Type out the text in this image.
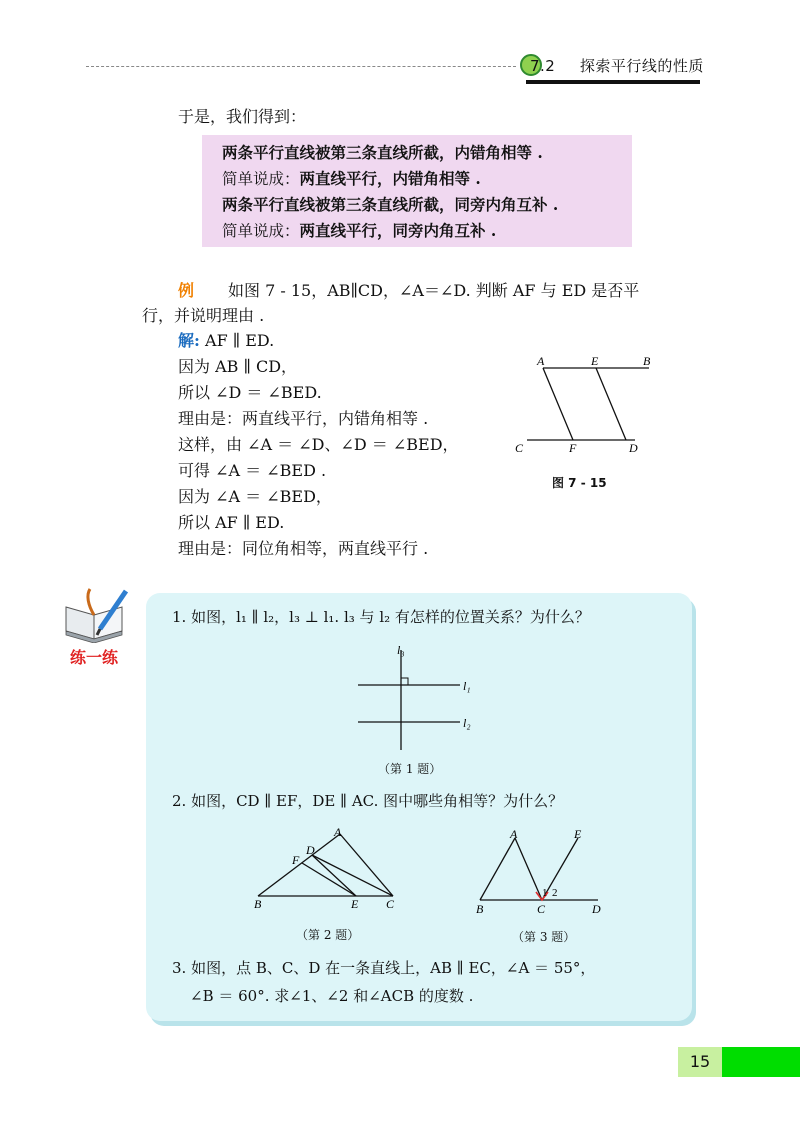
7.2 探索平行线的性质
于是，我们得到：
两条平行直线被第三条直线所截，内错角相等 .
简单说成：两直线平行，内错角相等 .
两条平行直线被第三条直线所截，同旁内角互补 .
简单说成：两直线平行，同旁内角互补 .
例 如图 7 - 15，AB∥CD，∠A＝∠D. 判断 AF 与 ED 是否平
行，并说明理由 .
解: AF ∥ ED.
因为 AB ∥ CD，
所以 ∠D ＝ ∠BED.
理由是：两直线平行，内错角相等 .
这样，由 ∠A ＝ ∠D、∠D ＝ ∠BED，
可得 ∠A ＝ ∠BED .
因为 ∠A ＝ ∠BED，
所以 AF ∥ ED.
理由是：同位角相等，两直线平行 .
A	E	B
C	F	D
图 7 - 15
练一练
1. 如图，l₁ ∥ l₂，l₃ ⊥ l₁. l₃ 与 l₂ 有怎样的位置关系？为什么？
l₃
l₁
l₂
（第 1 题）
2. 如图，CD ∥ EF，DE ∥ AC. 图中哪些角相等？为什么？
A
D
F
B	E C
（第 2 题）
A	E
B	C	D
1 2
（第 3 题）
3. 如图，点 B、C、D 在一条直线上，AB ∥ EC，∠A ＝ 55°，
∠B ＝ 60°. 求∠1、∠2 和∠ACB 的度数 .
15
